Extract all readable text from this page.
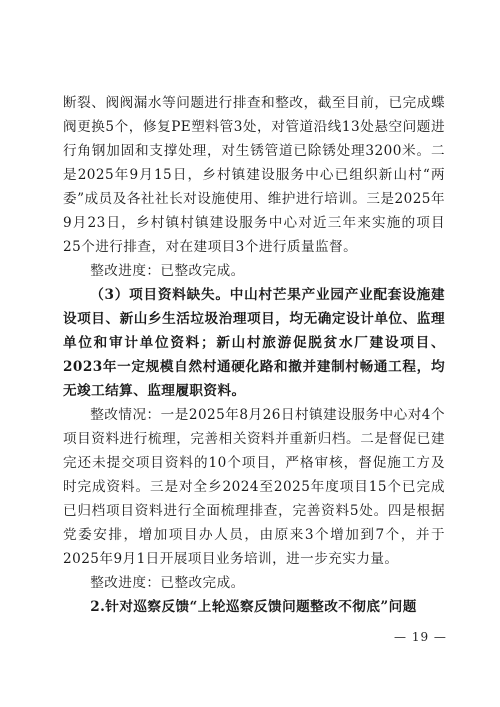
断裂、阀阀漏水等问题进行排查和整改，截至目前，已完成蝶阀更换5个，修复PE塑料管3处，对管道沿线13处悬空问题进行角钢加固和支撑处理，对生锈管道已除锈处理3200米。二是2025年9月15日，乡村镇建设服务中心已组织新山村“两委”成员及各社社长对设施使用、维护进行培训。三是2025年9月23日，乡村镇村镇建设服务中心对近三年来实施的项目25个进行排查，对在建项目3个进行质量监督。

整改进度：已整改完成。

（3）项目资料缺失。中山村芒果产业园产业配套设施建设项目、新山乡生活垃圾治理项目，均无确定设计单位、监理单位和审计单位资料；新山村旅游促脱贫水厂建设项目、2023年一定规模自然村通硬化路和撤并建制村畅通工程，均无竣工结算、监理履职资料。

整改情况：一是2025年8月26日村镇建设服务中心对4个项目资料进行梳理，完善相关资料并重新归档。二是督促已建完还未提交项目资料的10个项目，严格审核，督促施工方及时完成资料。三是对全乡2024至2025年度项目15个已完成已归档项目资料进行全面梳理排查，完善资料5处。四是根据党委安排，增加项目办人员，由原来3个增加到7个，并于2025年9月1日开展项目业务培训，进一步充实力量。

整改进度：已整改完成。

2.针对巡察反馈“上轮巡察反馈问题整改不彻底”问题

— 19 —
